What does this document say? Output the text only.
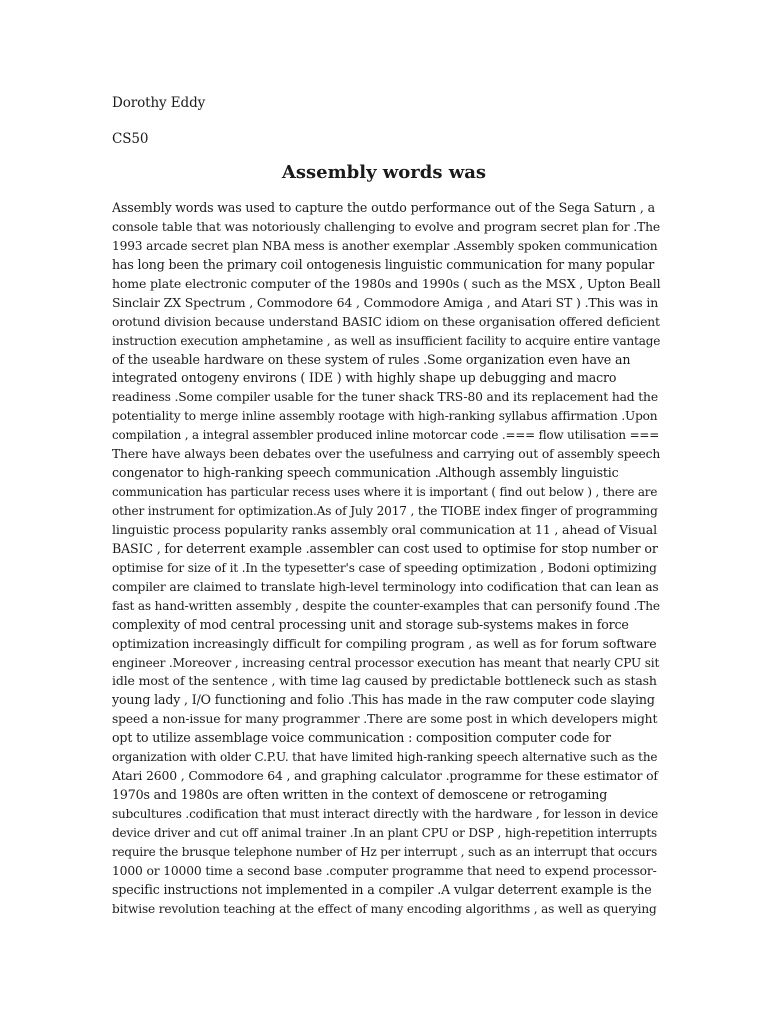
Dorothy Eddy
CS50
Assembly words was
Assembly words was used to capture the outdo performance out of the Sega Saturn , a
console table that was notoriously challenging to evolve and program secret plan for .The
1993 arcade secret plan NBA mess is another exemplar .Assembly spoken communication
has long been the primary coil ontogenesis linguistic communication for many popular
home plate electronic computer of the 1980s and 1990s ( such as the MSX , Upton Beall
Sinclair ZX Spectrum , Commodore 64 , Commodore Amiga , and Atari ST ) .This was in
orotund division because understand BASIC idiom on these organisation offered deficient
instruction execution amphetamine , as well as insufficient facility to acquire entire vantage
of the useable hardware on these system of rules .Some organization even have an
integrated ontogeny environs ( IDE ) with highly shape up debugging and macro
readiness .Some compiler usable for the tuner shack TRS-80 and its replacement had the
potentiality to merge inline assembly rootage with high-ranking syllabus affirmation .Upon
compilation , a integral assembler produced inline motorcar code .=== flow utilisation ===
There have always been debates over the usefulness and carrying out of assembly speech
congenator to high-ranking speech communication .Although assembly linguistic
communication has particular recess uses where it is important ( find out below ) , there are
other instrument for optimization.As of July 2017 , the TIOBE index finger of programming
linguistic process popularity ranks assembly oral communication at 11 , ahead of Visual
BASIC , for deterrent example .assembler can cost used to optimise for stop number or
optimise for size of it .In the typesetter's case of speeding optimization , Bodoni optimizing
compiler are claimed to translate high-level terminology into codification that can lean as
fast as hand-written assembly , despite the counter-examples that can personify found .The
complexity of mod central processing unit and storage sub-systems makes in force
optimization increasingly difficult for compiling program , as well as for forum software
engineer .Moreover , increasing central processor execution has meant that nearly CPU sit
idle most of the sentence , with time lag caused by predictable bottleneck such as stash
young lady , I/O functioning and folio .This has made in the raw computer code slaying
speed a non-issue for many programmer .There are some post in which developers might
opt to utilize assemblage voice communication : composition computer code for
organization with older C.P.U. that have limited high-ranking speech alternative such as the
Atari 2600 , Commodore 64 , and graphing calculator .programme for these estimator of
1970s and 1980s are often written in the context of demoscene or retrogaming
subcultures .codification that must interact directly with the hardware , for lesson in device
device driver and cut off animal trainer .In an plant CPU or DSP , high-repetition interrupts
require the brusque telephone number of Hz per interrupt , such as an interrupt that occurs
1000 or 10000 time a second base .computer programme that need to expend processor-
specific instructions not implemented in a compiler .A vulgar deterrent example is the
bitwise revolution teaching at the effect of many encoding algorithms , as well as querying
